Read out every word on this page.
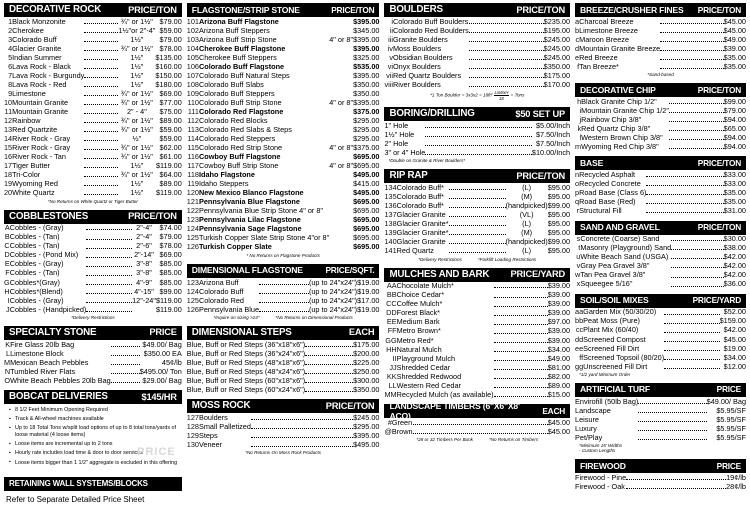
DECORATIVE ROCK	PRICE/TON
1	Black Monzonite		¾" or 1½"	$79.00
2	Cherokee		1½"or 2"-4"	$59.00
3	Colorado Buff		1½"	$79.00
4	Glacier Granite		¾" or 1½"	$78.00
5	Indian Summer		1½"	$135.00
6	Lava Rock - Black		1½"	$160.00
7	Lava Rock - Burgundy		1½"	$150.00
8	Lava Rock - Red		1½"	$180.00
9	Limestone		¾" or 1½"	$69.00
10	Mountain Granite		¾" or 1½"	$77.00
11	Mountain Granite		2" - 4"	$75.00
12	Rainbow		¾" or 1½"	$89.00
13	Red Quartzite		¾" or 1½"	$59.00
14	River Rock - Gray		½"	$59.00
15	River Rock - Gray		¾" or 1½"	$62.00
16	River Rock - Tan		¾" or 1½"	$61.00
17	Tiger Butter		1½"	$119.00
18	Tri-Color		¾" or 1½"	$64.00
19	Wyoming Red		1½"	$89.00
20	White Quartz		1½"	$119.00
*No Returns on White Quartz or Tiger Butter
COBBLESTONES	PRICE/TON
A	Cobbles - (Gray)		2"-4"	$74.00
B	Cobbles - (Tan)		2"-4"	$79.00
C	Cobbles - (Tan)		2"-6"	$78.00
D	Cobbles - (Pond Mix)		2"-14"	$69.00
E	Cobbles - (Gray)		3"-8"	$85.00
F	Cobbles - (Tan)		3"-8"	$85.00
G	Cobbles*(Gray)		4"-9"	$85.00
H	Cobbles*(Blend)		4"-15"	$99.00
I	Cobbles - (Gray)		12"-24"	$119.00
J	Cobbles - (Handpicked)			$119.00
*Delivery Restrictions
SPECIALTY STONE	PRICE
K	Fire Glass 20lb Bag			$49.00/ Bag
L	Limestone Block			$350.00 EA
M	Mexican Beach Pebbles			45¢/lb
N	Tumbled River Flats			$495.00/ Ton
O	White Beach Pebbles 20lb Bag			$29.00/ Bag
BOBCAT DELIVERIES	$145/HR
▪ 8 1/2 Feet Minimum Opening Required
▪ Track & All-wheel machines available
▪ Up to 18 Total Tons w/split load options of up to 8 total tons/yards of loose material (4 loose items)
▪ Loose items are incremental up to 2 tons
▪ Hourly rate includes load time & door to door services
▪ Loose items bigger than 1 1/2" aggregate is excluded in this offering
PRICE
RETAINING WALL SYSTEMS/BLOCKS
Refer to Separate Detailed Price Sheet
FLAGSTONE/STRIP STONE	PRICE/TON
101	Arizona Buff Flagstone			$395.00
102	Arizona Buff Steppers			$345.00
103	Arizona Buff Strip Stone		4" or 8"	$395.00
104	Cherokee Buff Flagstone			$395.00
105	Cherokee Buff Steppers			$325.00
106	Colorado Buff Flagstone			$535.00
107	Colorado Buff Natural Steps			$395.00
108	Colorado Buff Slabs			$350.00
109	Colorado Buff Steppers			$350.00
110	Colorado Buff Strip Stone		4" or 8"	$395.00
111	Colorado Red Flagstone			$375.00
112	Colorado Red Blocks			$295.00
113	Colorado Red Slabs & Steps			$295.00
114	Colorado Red Steppers			$295.00
115	Colorado Red Strip Stone		4" or 8"	$375.00
116	Cowboy Buff Flagstone			$695.00
117	Cowboy Buff Strip Stone		4" or 8"	$695.00
118	Idaho Flagstone			$495.00
119	Idaho Steppers			$415.00
120	New Mexico Blanco Flagstone			$495.00
121	Pennsylvania Blue Flagstone			$695.00
122	Pennsylvania Blue Strip Stone 4" or 8"			$695.00
123	Pennsylvania Lilac Flagstone			$695.00
124	Pennsylvania Sage Flagstone			$695.00
125	Turkish Copper Slate Strip Stone 4"or 8"			$695.00
126	Turkish Copper Slate			$695.00
* No Returns on Flagstone Products
DIMENSIONAL FLAGSTONE	PRICE/SQFT.
123	Arizona Buff		(up to 24"x24")	$19.00
124	Colorado Buff		(up to 24"x24")	$19.00
125	Colorado Red		(up to 24"x24")	$17.00
126	Pennsylvania Blue		(up to 24"x24")	$19.00
*Inquire on sizing >24"	*No Returns on Dimensional Products
DIMENSIONAL STEPS	EACH
	Blue, Buff or Red Steps (36"x18"x6")			$175.00
	Blue, Buff or Red Steps (36"x24"x6")			$200.00
	Blue, Buff or Red Steps (48"x18"x6")			$225.00
	Blue, Buff or Red Steps (48"x24"x6")			$250.00
	Blue, Buff or Red Steps (60"x18"x6")			$300.00
	Blue, Buff or Red Steps (60"x24"x6")			$350.00
MOSS ROCK	PRICE/TON
127	Boulders			$245.00
128	Small Palletized			$295.00
129	Steps			$395.00
130	Veneer			$495.00
*No Returns On Moss Rock Products
BOULDERS	PRICE/TON
i	Colorado Buff Boulders			$235.00
ii	Colorado Red Boulders			$195.00
iii	Granite Boulders			$245.00
iv	Moss Boulders			$245.00
v	Obsidian Boulders			$245.00
vi	Onyx Boulders			$350.00
vii	Red Quartz Boulders			$175.00
viii	River Boulders			$170.00
*1 Ton Boulder = 3x3x2 = 18ft³
LxWxH
18 = Tons
BORING/DRILLING	$50 SET UP
	1" Hole			$5.00/Inch
	1½" Hole			$7.50/Inch
	2" Hole			$7.50/Inch
	3" or 4" Hole			$10.00/Inch
*Double on Granite & River Boulders*
RIP RAP	PRICE/TON
134	Colorado Buff*		(L)	$95.00
135	Colorado Buff*		(M)	$95.00
136	Colorado Buff*		(handpicked)	$99.00
137	Glacier Granite		(VL)	$95.00
138	Glacier Granite*		(L)	$95.00
139	Glacier Granite*		(M)	$95.00
140	Glacier Granite		(handpicked)	$99.00
141	Red Quartz		(L)	$95.00
*Delivery Restrictions	*Forklift Loading Restrictions
MULCHES AND BARK PRICE/YARD
AA	Chocolate Mulch*			$39.00
BB	Choice Cedar*			$39.00
CC	Coffee Mulch*			$39.00
DD	Forest Black*			$39.00
EE	Medium Bark			$97.00
FF	Metro Brown*			$39.00
GG	Metro Red*			$39.00
HH	Natural Mulch			$34.00
II	Playground Mulch			$49.00
JJ	Shredded Cedar			$81.00
KK	Shredded Redwood			$82.00
LL	Western Red Cedar			$89.00
MM	Recycled Mulch (as available)			$15.00
LANDSCAPE TIMBERS (6"X6"X8' ACQ)	EACH
#	Green			$45.00
@	Brown			$45.00
*28 or 32 Timbers Per Bunk	*No Returns on Timbers
BREEZE/CRUSHER FINES PRICE/TON
a	Charcoal Breeze			$45.00
b	Limestone Breeze			$45.00
c	Maroon Breeze			$49.00
d	Mountain Granite Breeze			$39.00
e	Red Breeze			$35.00
f	Tan Breeze*			$35.00
*Sand-based
DECORATIVE CHIP	PRICE/TON
h	Black Granite Chip 1/2"			$99.00
i	Mountain Granite Chip 1/2"			$79.00
j	Rainbow Chip 3/8"			$94.00
k	Red Quartz Chip 3/8"			$65.00
l	Western Brown Chip 3/8"			$94.00
m	Wyoming Red Chip 3/8"			$94.00
BASE	PRICE/TON
n	Recycled Asphalt			$33.00
o	Recycled Concrete			$33.00
p	Road Base (Class 6)			$35.00
q	Road Base (Red)			$35.00
r	Structural Fill			$31.00
SAND AND GRAVEL	PRICE/TON
s	Concrete (Coarse) Sand			$30.00
t	Masonry (Playground) Sand			$38.00
u	White Beach Sand (USGA)			$42.00
v	Gray Pea Gravel 3/8"			$42.00
w	Tan Pea Gravel 3/8"			$42.00
x	Squeegee 5/16"			$36.00
SOIL/SOIL MIXES	PRICE/YARD
aa	Garden Mix (50/30/20)			$52.00
bb	Peat Moss (Pure)			$159.00
cc	Plant Mix (60/40)			$42.00
dd	Screened Compost			$45.00
ee	Screened Fill Dirt			$19.00
ff	Screened Topsoil (80/20)			$34.00
gg	Unscreened Fill Dirt			$12.00
*1/2 yard Minimum Order
ARTIFICIAL TURF	PRICE
	Envirofill (50lb Bag)			$49.00/ Bag
	Landscape			$5.95/SF
	Leisure			$5.95/SF
	Luxury			$5.95/SF
	Pet/Play			$5.95/SF
*Minimum 15' Widths
- Custom Lengths
FIREWOOD	PRICE
	Firewood - Pine			19¢/lb
	Firewood - Oak			28¢/lb
